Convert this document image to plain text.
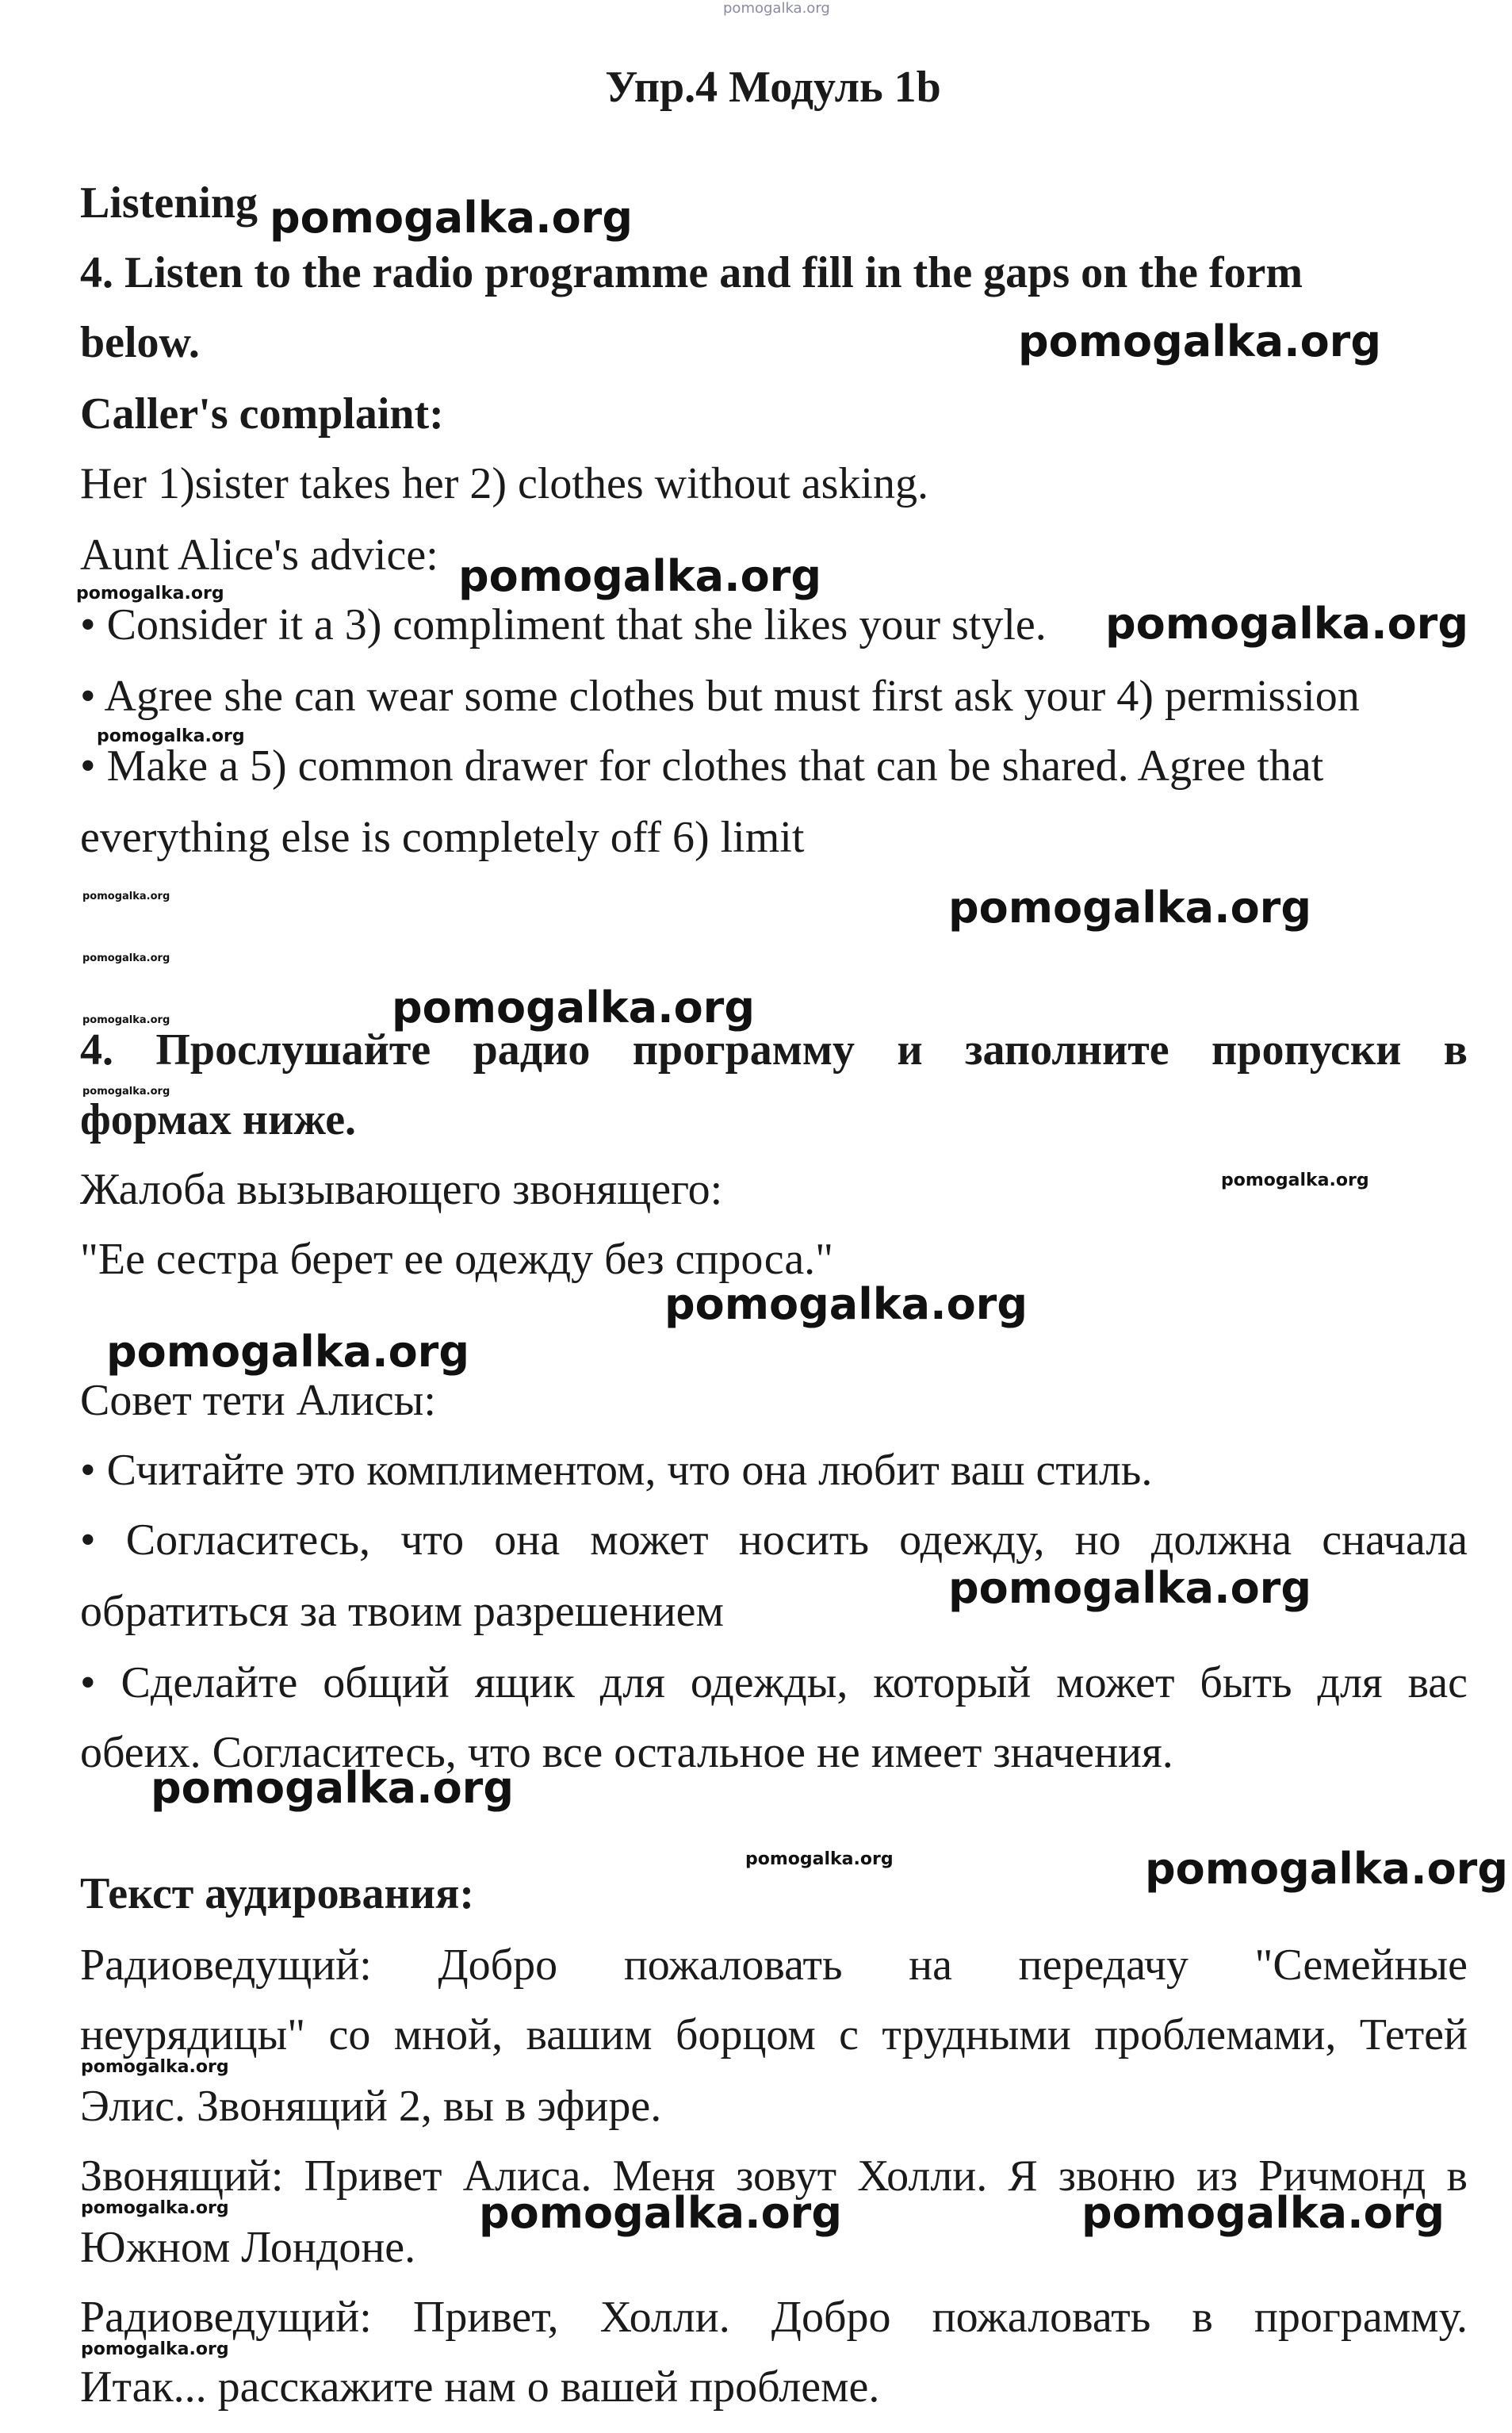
pomogalka.org
Упр.4 Модуль 1b
Listening pomogalka.org
4. Listen to the radio programme and fill in the gaps on the form
below.	pomogalka.org
Caller's complaint:
Her 1)sister takes her 2) clothes without asking.
Aunt Alice's advice: pomogalka.org
pomogalka.org
• Consider it a 3) compliment that she likes your style. pomogalka.org
• Agree she can wear some clothes but must first ask your 4) permission
pomogalka.org
• Make a 5) common drawer for clothes that can be shared. Agree that
everything else is completely off 6) limit
pomogalka.org	pomogalka.org
pomogalka.org
pomogalka.org	pomogalka.org
4. Прослушайте радио программу и заполните пропуски в
pomogalka.org
формах ниже.
Жалоба вызывающего звонящего:	pomogalka.org
"Ее сестра берет ее одежду без спроса."
pomogalka.org
pomogalka.org
Совет тети Алисы:
• Считайте это комплиментом, что она любит ваш стиль.
• Согласитесь, что она может носить одежду, но должна сначала
обратиться за твоим разрешением	pomogalka.org
• Сделайте общий ящик для одежды, который может быть для вас
обеих. Согласитесь, что все остальное не имеет значения.
pomogalka.org
pomogalka.org	pomogalka.org
Текст аудирования:
Радиоведущий: Добро пожаловать на передачу "Семейные
неурядицы" со мной, вашим борцом с трудными проблемами, Тетей
pomogalka.org
Элис. Звонящий 2, вы в эфире.
Звонящий: Привет Алиса. Меня зовут Холли. Я звоню из Ричмонд в
pomogalka.org	pomogalka.org	pomogalka.org
Южном Лондоне.
Радиоведущий: Привет, Холли. Добро пожаловать в программу.
pomogalka.org
Итак... расскажите нам о вашей проблеме.
